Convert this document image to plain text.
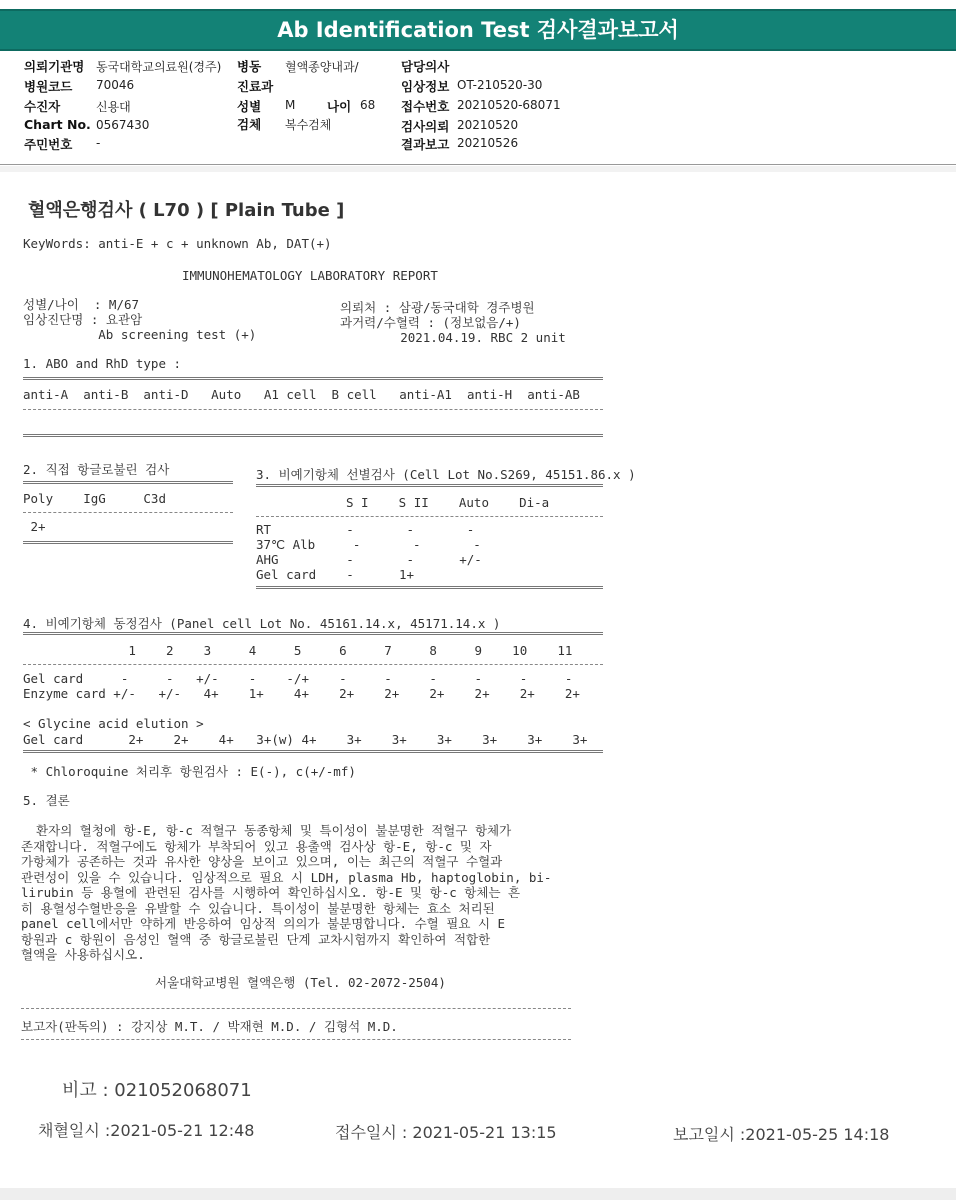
Ab Identification Test 검사결과보고서
의뢰기관명 동국대학교의료원(경주)
병원코드 70046
수진자	신용대
Chart No. 0567430
주민번호 -
병동 혈액종양내과/
진료과
성별 M	나이 68
검체 복수검체
담당의사
임상정보 OT-210520-30
접수번호 20210520-68071
검사의뢰 20210520
결과보고 20210526
혈액은행검사 ( L70 ) [ Plain Tube ]
KeyWords: anti-E + c + unknown Ab, DAT(+)
IMMUNOHEMATOLOGY LABORATORY REPORT
성별/나이  : M/67
임상진단명 : 요관암
Ab screening test (+)
의뢰처 : 삼광/동국대학 경주병원
과거력/수혈력 : (정보없음/+)
2021.04.19. RBC 2 unit
1. ABO and RhD type :
anti-A  anti-B  anti-D   Auto   A1 cell  B cell   anti-A1  anti-H  anti-AB
2. 직접 항글로불린 검사
Poly    IgG     C3d
2+
3. 비예기항체 선별검사 (Cell Lot No.S269, 45151.86.x )
S I    S II    Auto    Di-a
RT          -       -       -
37℃ Alb     -       -       -
AHG         -       -      +/-
Gel card    -      1+
4. 비예기항체 동정검사 (Panel cell Lot No. 45161.14.x, 45171.14.x )
1    2    3     4     5     6     7     8     9    10    11
Gel card     -     -   +/-    -    -/+    -     -     -     -     -     -
Enzyme card +/-   +/-   4+    1+    4+    2+    2+    2+    2+    2+    2+
< Glycine acid elution >
Gel card      2+    2+    4+   3+(w) 4+    3+    3+    3+    3+    3+    3+
* Chloroquine 처리후 항원검사 : E(-), c(+/-mf)
5. 결론
환자의 혈청에 항-E, 항-c 적혈구 동종항체 및 특이성이 불분명한 적혈구 항체가
존재합니다. 적혈구에도 항체가 부착되어 있고 용출액 검사상 항-E, 항-c 및 자
가항체가 공존하는 것과 유사한 양상을 보이고 있으며, 이는 최근의 적혈구 수혈과
관련성이 있을 수 있습니다. 임상적으로 필요 시 LDH, plasma Hb, haptoglobin, bi-
lirubin 등 용혈에 관련된 검사를 시행하여 확인하십시오. 항-E 및 항-c 항체는 흔
히 용혈성수혈반응을 유발할 수 있습니다. 특이성이 불분명한 항체는 효소 처리된
panel cell에서만 약하게 반응하여 임상적 의의가 불분명합니다. 수혈 필요 시 E
항원과 c 항원이 음성인 혈액 중 항글로불린 단계 교차시험까지 확인하여 적합한
혈액을 사용하십시오.
서울대학교병원 혈액은행 (Tel. 02-2072-2504)
보고자(판독의) : 강지상 M.T. / 박재현 M.D. / 김형석 M.D.
비고 : 021052068071
채혈일시 :2021-05-21 12:48	접수일시 : 2021-05-21 13:15	보고일시 :2021-05-25 14:18
